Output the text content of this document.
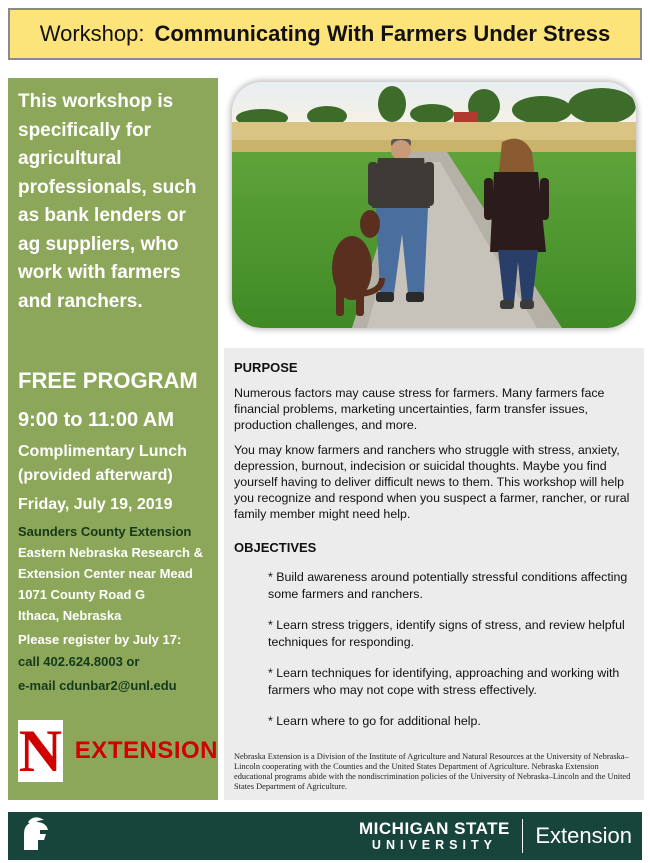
Workshop: Communicating With Farmers Under Stress
This workshop is specifically for agricultural professionals, such as bank lenders or ag suppliers, who work with farmers and ranchers.
FREE PROGRAM
9:00 to 11:00 AM
Complimentary Lunch
(provided afterward)
Friday, July 19, 2019
Saunders County Extension
Eastern Nebraska Research &
Extension Center near Mead
1071 County Road G
Ithaca, Nebraska
Please register by July 17:
call 402.624.8003 or
e-mail cdunbar2@unl.edu
N EXTENSION
PURPOSE

Numerous factors may cause stress for farmers. Many farmers face financial problems, marketing uncertainties, farm transfer issues, production challenges, and more.

You may know farmers and ranchers who struggle with stress, anxiety, depression, burnout, indecision or suicidal thoughts. Maybe you find yourself having to deliver difficult news to them. This workshop will help you recognize and respond when you suspect a farmer, rancher, or rural family member might need help.

OBJECTIVES
* Build awareness around potentially stressful conditions affecting some farmers and ranchers.
* Learn stress triggers, identify signs of stress, and review helpful techniques for responding.
* Learn techniques for identifying, approaching and working with farmers who may not cope with stress effectively.
* Learn where to go for additional help.
Nebraska Extension is a Division of the Institute of Agriculture and Natural Resources at the University of Nebraska–Lincoln cooperating with the Counties and the United States Department of Agriculture. Nebraska Extension educational programs abide with the nondiscrimination policies of the University of Nebraska–Lincoln and the United States Department of Agriculture.
MICHIGAN STATE
UNIVERSITY	Extension
